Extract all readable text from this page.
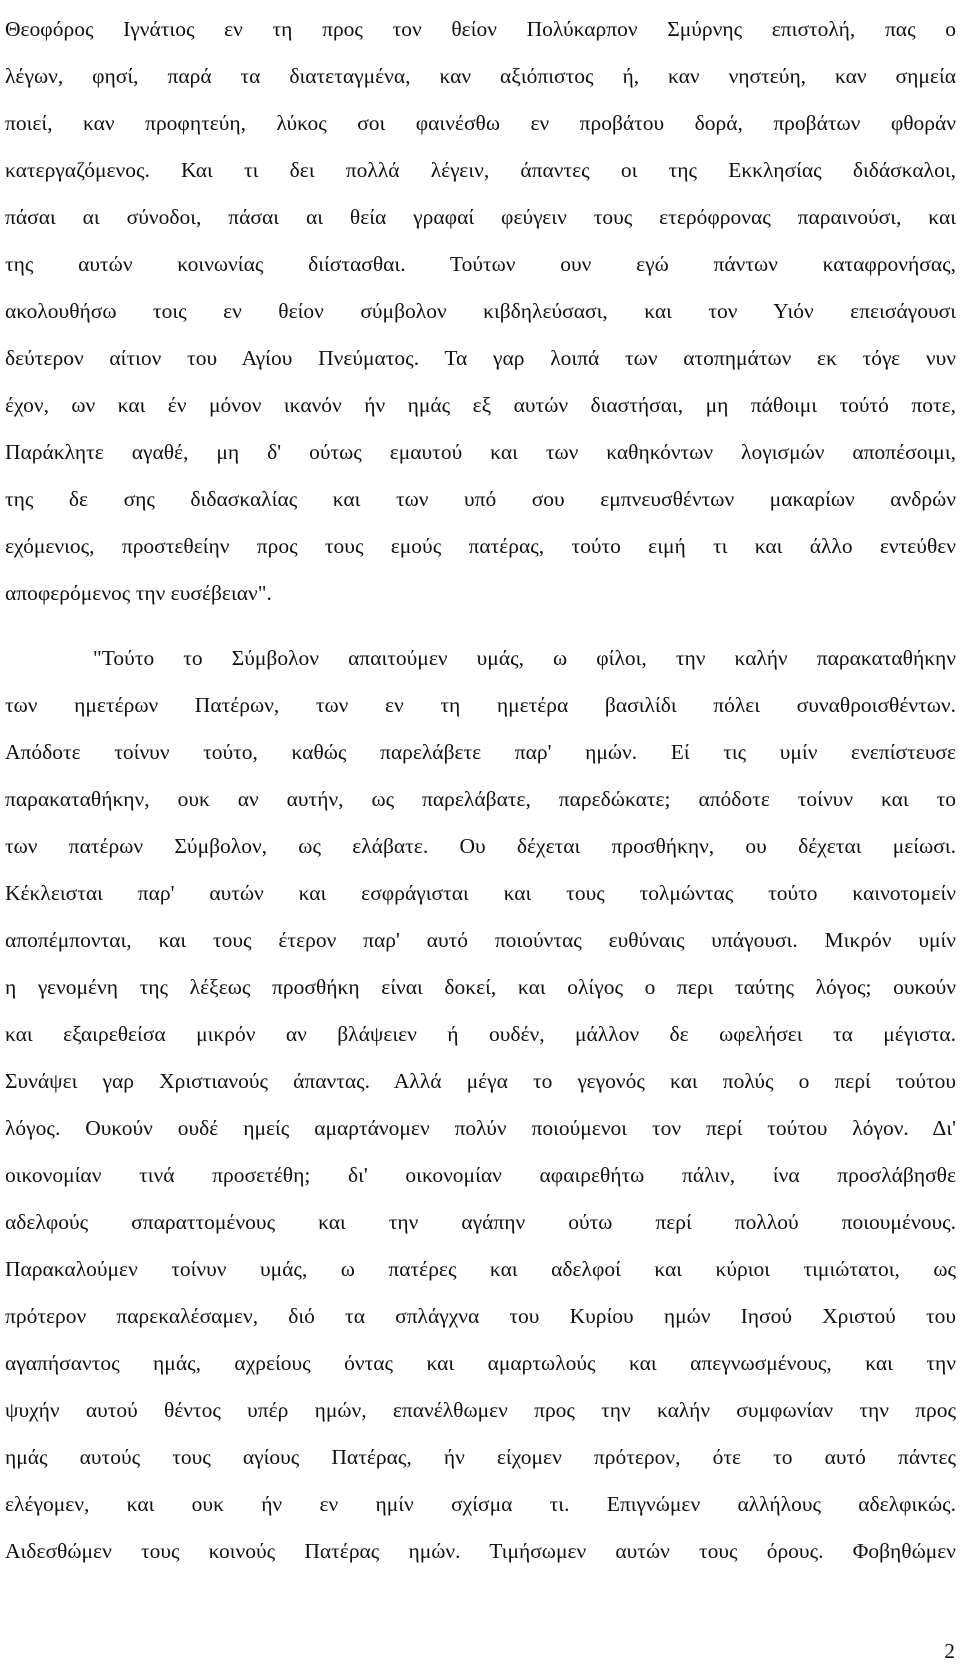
Θεοφόρος Ιγνάτιος εν τη προς τον θείον Πολύκαρπον Σμύρνης επιστολή, πας ο
λέγων, φησί, παρά τα διατεταγμένα, καν αξιόπιστος ή, καν νηστεύη, καν σημεία
ποιεί, καν προφητεύη, λύκος σοι φαινέσθω εν προβάτου δορά, προβάτων φθοράν
κατεργαζόμενος. Και τι δει πολλά λέγειν, άπαντες οι της Εκκλησίας διδάσκαλοι,
πάσαι αι σύνοδοι, πάσαι αι θεία γραφαί φεύγειν τους ετερόφρονας παραινούσι, και
της αυτών κοινωνίας διίστασθαι. Τούτων ουν εγώ πάντων καταφρονήσας,
ακολουθήσω τοις εν θείον σύμβολον κιβδηλεύσασι, και τον Υιόν επεισάγουσι
δεύτερον αίτιον του Αγίου Πνεύματος. Τα γαρ λοιπά των ατοπημάτων εκ τόγε νυν
έχον, ων και έν μόνον ικανόν ήν ημάς εξ αυτών διαστήσαι, μη πάθοιμι τούτό ποτε,
Παράκλητε αγαθέ, μη δ' ούτως εμαυτού και των καθηκόντων λογισμών αποπέσοιμι,
της δε σης διδασκαλίας και των υπό σου εμπνευσθέντων μακαρίων ανδρών
εχόμενιος, προστεθείην προς τους εμούς πατέρας, τούτο ειμή τι και άλλο εντεύθεν
αποφερόμενος την ευσέβειαν".
"Τούτο το Σύμβολον απαιτούμεν υμάς, ω φίλοι, την καλήν παρακαταθήκην
των ημετέρων Πατέρων, των εν τη ημετέρα βασιλίδι πόλει συναθροισθέντων.
Απόδοτε τοίνυν τούτο, καθώς παρελάβετε παρ' ημών. Εί τις υμίν ενεπίστευσε
παρακαταθήκην, ουκ αν αυτήν, ως παρελάβατε, παρεδώκατε; απόδοτε τοίνυν και το
των πατέρων Σύμβολον, ως ελάβατε. Ου δέχεται προσθήκην, ου δέχεται μείωσι.
Κέκλεισται παρ' αυτών και εσφράγισται και τους τολμώντας τούτο καινοτομείν
αποπέμπονται, και τους έτερον παρ' αυτό ποιούντας ευθύναις υπάγουσι. Μικρόν υμίν
η γενομένη της λέξεως προσθήκη είναι δοκεί, και ολίγος ο περι ταύτης λόγος; ουκούν
και εξαιρεθείσα μικρόν αν βλάψειεν ή ουδέν, μάλλον δε ωφελήσει τα μέγιστα.
Συνάψει γαρ Χριστιανούς άπαντας. Αλλά μέγα το γεγονός και πολύς ο περί τούτου
λόγος. Ουκούν ουδέ ημείς αμαρτάνομεν πολύν ποιούμενοι τον περί τούτου λόγον. Δι'
οικονομίαν τινά προσετέθη; δι' οικονομίαν αφαιρεθήτω πάλιν, ίνα προσλάβησθε
αδελφούς σπαραττομένους και την αγάπην ούτω περί πολλού ποιουμένους.
Παρακαλούμεν τοίνυν υμάς, ω πατέρες και αδελφοί και κύριοι τιμιώτατοι, ως
πρότερον παρεκαλέσαμεν, διό τα σπλάγχνα του Κυρίου ημών Ιησού Χριστού του
αγαπήσαντος ημάς, αχρείους όντας και αμαρτωλούς και απεγνωσμένους, και την
ψυχήν αυτού θέντος υπέρ ημών, επανέλθωμεν προς την καλήν συμφωνίαν την προς
ημάς αυτούς τους αγίους Πατέρας, ήν είχομεν πρότερον, ότε το αυτό πάντες
ελέγομεν, και ουκ ήν εν ημίν σχίσμα τι. Επιγνώμεν αλλήλους αδελφικώς.
Αιδεσθώμεν τους κοινούς Πατέρας ημών. Τιμήσωμεν αυτών τους όρους. Φοβηθώμεν
2
